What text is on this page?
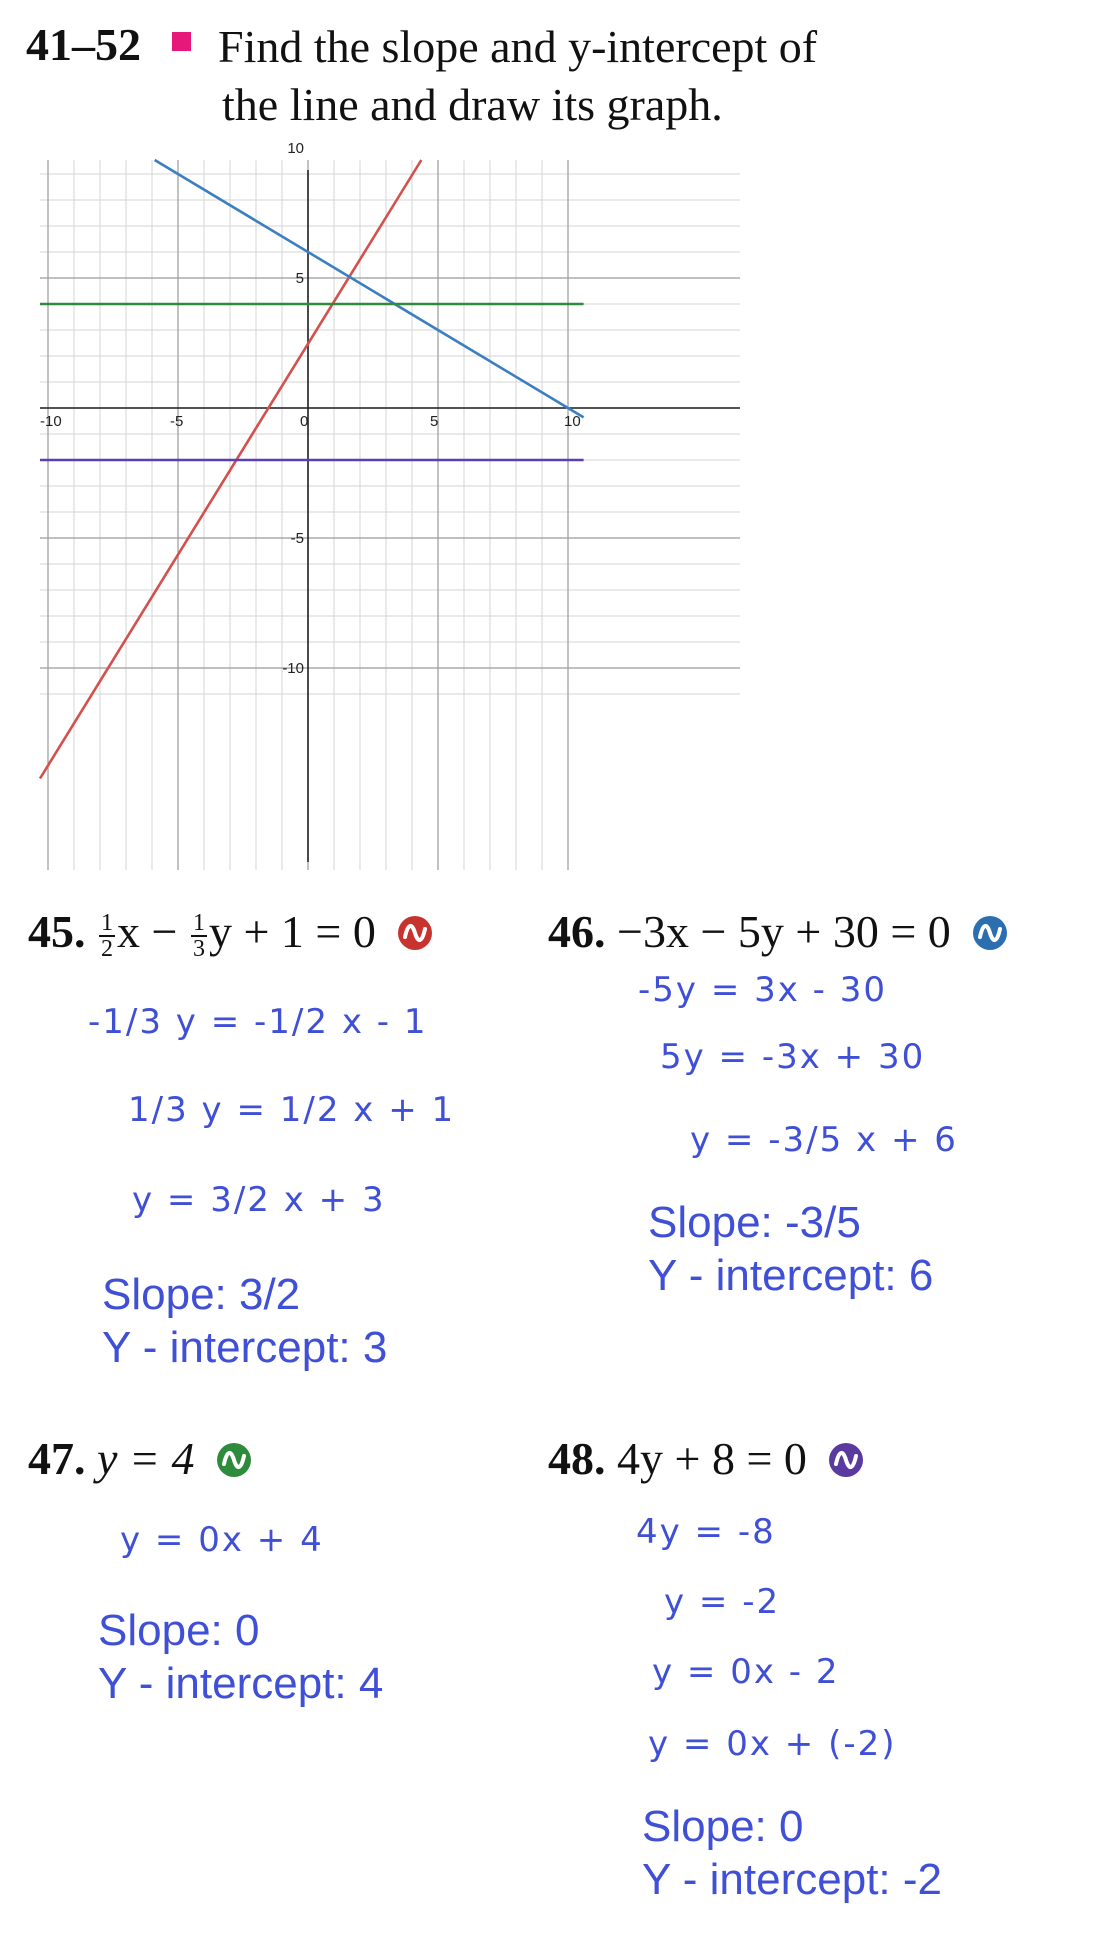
41–52 Find the slope and y-intercept of
the line and draw its graph.
-10	-5	0	5	10
10
5
-5
-10
45. $\frac{1}{2}$ $x - \frac{1}{3}$ y + 1 = 0
-1/3 y = -1/2 x - 1
1/3 y = 1/2 x + 1
y = 3/2 x + 3
Slope: 3/2
Y - intercept: 3
46. −3x − 5y + 30 = 0
-5y = 3x - 30
5y = -3x + 30
y = -3/5 x + 6
Slope: -3/5
Y - intercept: 6
47. y = 4
y = 0x + 4
Slope: 0
Y - intercept: 4
48. 4y + 8 = 0
4y = -8
y = -2
y = 0x - 2
y = 0x + (-2)
Slope: 0
Y - intercept: -2
